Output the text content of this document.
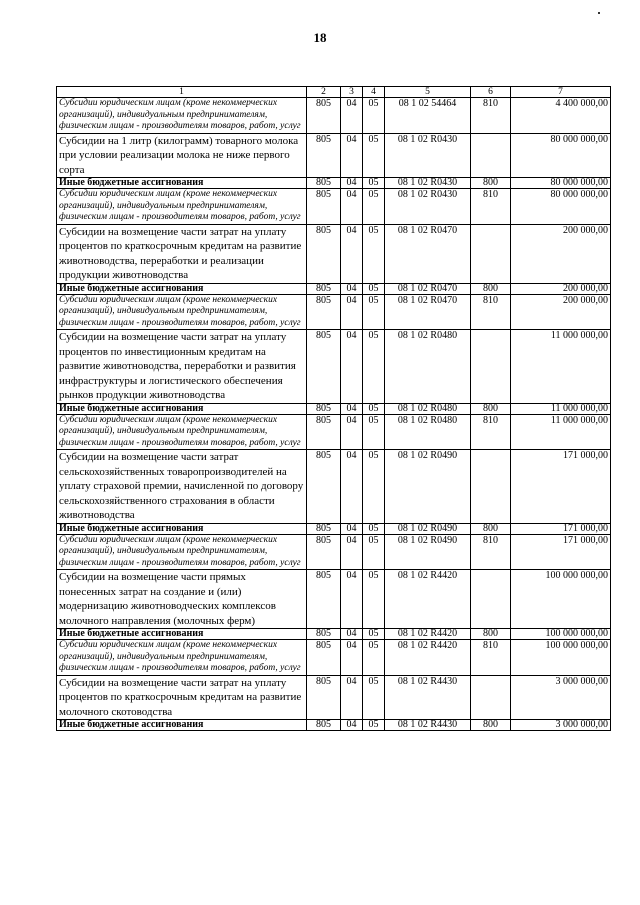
18
1	2	3	4	5	6	7
Субсидии юридическим лицам (кроме некоммерческих организаций), индивидуальным предпринимателям, физическим лицам - производителям товаров, работ, услуг	805	04	05	08 1 02 54464	810	4 400 000,00
Субсидии на 1 литр (килограмм) товарного молока при условии реализации молока не ниже первого сорта	805	04	05	08 1 02 R0430		80 000 000,00
Иные бюджетные ассигнования	805	04	05	08 1 02 R0430	800	80 000 000,00
Субсидии юридическим лицам (кроме некоммерческих организаций), индивидуальным предпринимателям, физическим лицам - производителям товаров, работ, услуг	805	04	05	08 1 02 R0430	810	80 000 000,00
Субсидии на возмещение части затрат на уплату процентов по краткосрочным кредитам на развитие животноводства, переработки и реализации продукции животноводства	805	04	05	08 1 02 R0470		200 000,00
Иные бюджетные ассигнования	805	04	05	08 1 02 R0470	800	200 000,00
Субсидии юридическим лицам (кроме некоммерческих организаций), индивидуальным предпринимателям, физическим лицам - производителям товаров, работ, услуг	805	04	05	08 1 02 R0470	810	200 000,00
Субсидии на возмещение части затрат на уплату процентов по инвестиционным кредитам на развитие животноводства, переработки и развития инфраструктуры и логистического обеспечения рынков продукции животноводства	805	04	05	08 1 02 R0480		11 000 000,00
Иные бюджетные ассигнования	805	04	05	08 1 02 R0480	800	11 000 000,00
Субсидии юридическим лицам (кроме некоммерческих организаций), индивидуальным предпринимателям, физическим лицам - производителям товаров, работ, услуг	805	04	05	08 1 02 R0480	810	11 000 000,00
Субсидии на возмещение части затрат сельскохозяйственных товаропроизводителей на уплату страховой премии, начисленной по договору сельскохозяйственного страхования в области животноводства	805	04	05	08 1 02 R0490		171 000,00
Иные бюджетные ассигнования	805	04	05	08 1 02 R0490	800	171 000,00
Субсидии юридическим лицам (кроме некоммерческих организаций), индивидуальным предпринимателям, физическим лицам - производителям товаров, работ, услуг	805	04	05	08 1 02 R0490	810	171 000,00
Субсидии на возмещение части прямых понесенных затрат на создание и (или) модернизацию животноводческих комплексов молочного направления (молочных ферм)	805	04	05	08 1 02 R4420		100 000 000,00
Иные бюджетные ассигнования	805	04	05	08 1 02 R4420	800	100 000 000,00
Субсидии юридическим лицам (кроме некоммерческих организаций), индивидуальным предпринимателям, физическим лицам - производителям товаров, работ, услуг	805	04	05	08 1 02 R4420	810	100 000 000,00
Субсидии на возмещение части затрат на уплату процентов по краткосрочным кредитам на развитие молочного скотоводства	805	04	05	08 1 02 R4430		3 000 000,00
Иные бюджетные ассигнования	805	04	05	08 1 02 R4430	800	3 000 000,00
